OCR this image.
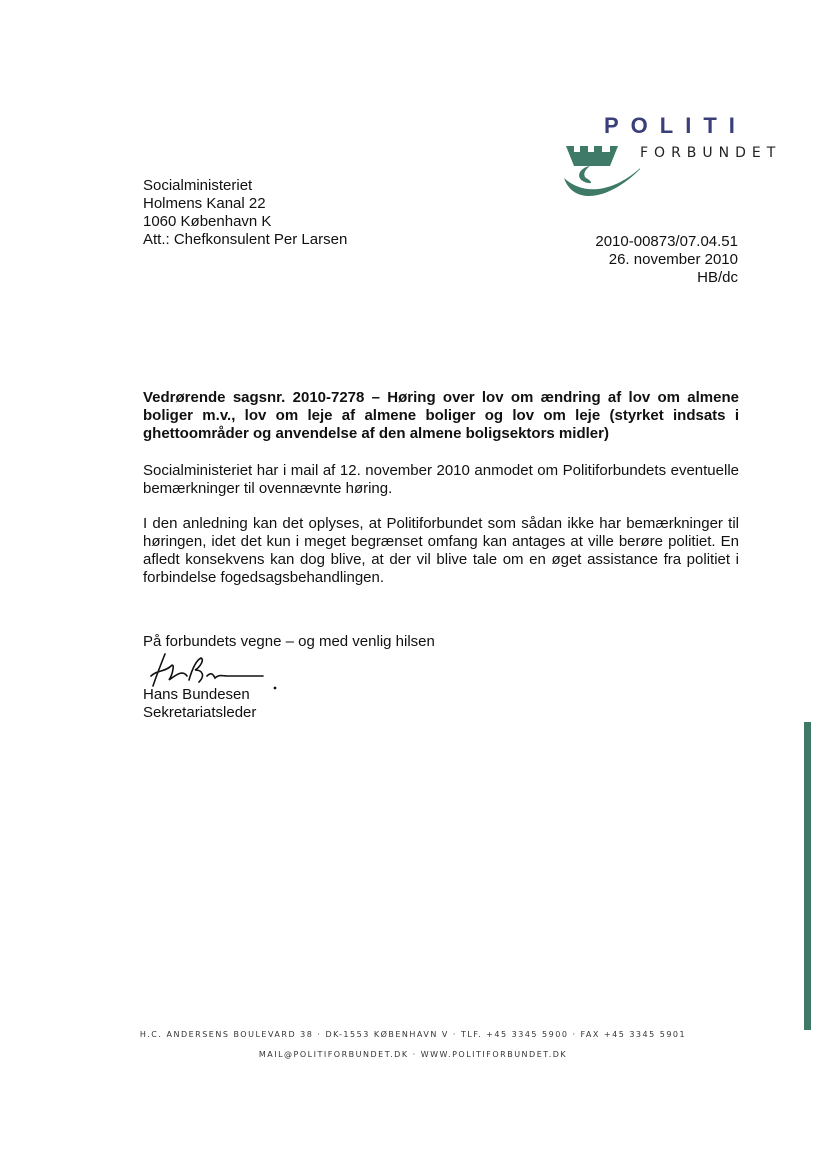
POLITI
FORBUNDET
Socialministeriet
Holmens Kanal 22
1060 København K
Att.: Chefkonsulent Per Larsen	2010-00873/07.04.51
26. november 2010
HB/dc
Vedrørende sagsnr. 2010-7278 – Høring over lov om ændring af lov om almene boliger m.v., lov om leje af almene boliger og lov om leje (styrket indsats i ghettoområder og anvendelse af den almene boligsektors midler)
Socialministeriet har i mail af 12. november 2010 anmodet om Politiforbundets eventuelle bemærkninger til ovennævnte høring.
I den anledning kan det oplyses, at Politiforbundet som sådan ikke har bemærkninger til høringen, idet det kun i meget begrænset omfang kan antages at ville berøre politiet. En afledt konsekvens kan dog blive, at der vil blive tale om en øget assistance fra politiet i forbindelse fogedsagsbehandlingen.
På forbundets vegne – og med venlig hilsen
Hans Bundesen
Sekretariatsleder
H.C. ANDERSENS BOULEVARD 38 · DK-1553 KØBENHAVN V · TLF. +45 3345 5900 · FAX +45 3345 5901
MAIL@POLITIFORBUNDET.DK · WWW.POLITIFORBUNDET.DK
